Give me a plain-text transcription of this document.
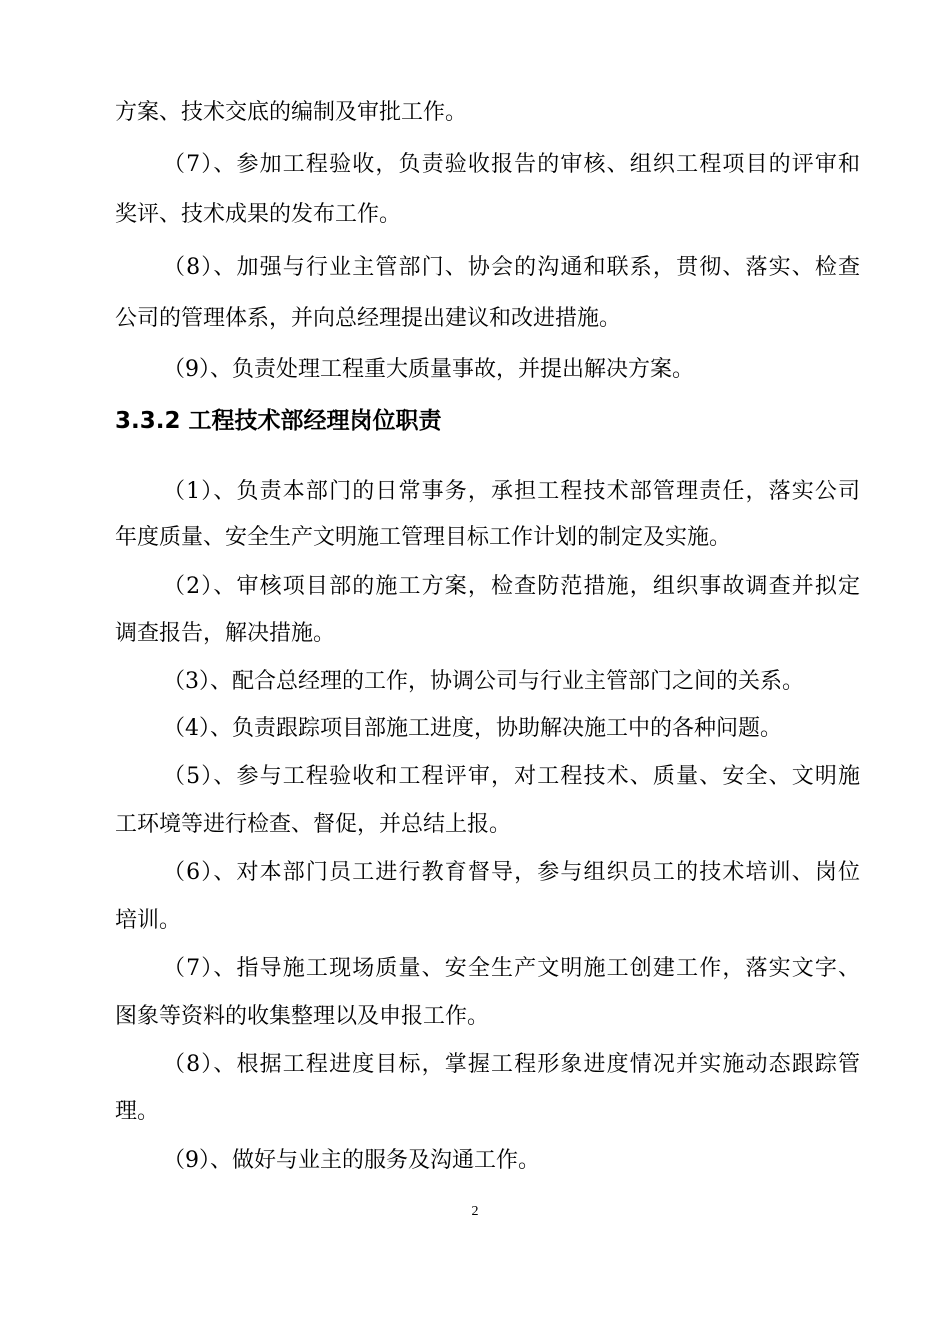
方案、技术交底的编制及审批工作。
（7）、参加工程验收，负责验收报告的审核、组织工程项目的评审和
奖评、技术成果的发布工作。
（8）、加强与行业主管部门、协会的沟通和联系，贯彻、落实、检查
公司的管理体系，并向总经理提出建议和改进措施。
（9）、负责处理工程重大质量事故，并提出解决方案。
3.3.2 工程技术部经理岗位职责
（1）、负责本部门的日常事务，承担工程技术部管理责任，落实公司
年度质量、安全生产文明施工管理目标工作计划的制定及实施。
（2）、审核项目部的施工方案，检查防范措施，组织事故调查并拟定
调查报告，解决措施。
（3）、配合总经理的工作，协调公司与行业主管部门之间的关系。
（4）、负责跟踪项目部施工进度，协助解决施工中的各种问题。
（5）、参与工程验收和工程评审，对工程技术、质量、安全、文明施
工环境等进行检查、督促，并总结上报。
（6）、对本部门员工进行教育督导，参与组织员工的技术培训、岗位
培训。
（7）、指导施工现场质量、安全生产文明施工创建工作，落实文字、
图象等资料的收集整理以及申报工作。
（8）、根据工程进度目标，掌握工程形象进度情况并实施动态跟踪管
理。
（9）、做好与业主的服务及沟通工作。
2
